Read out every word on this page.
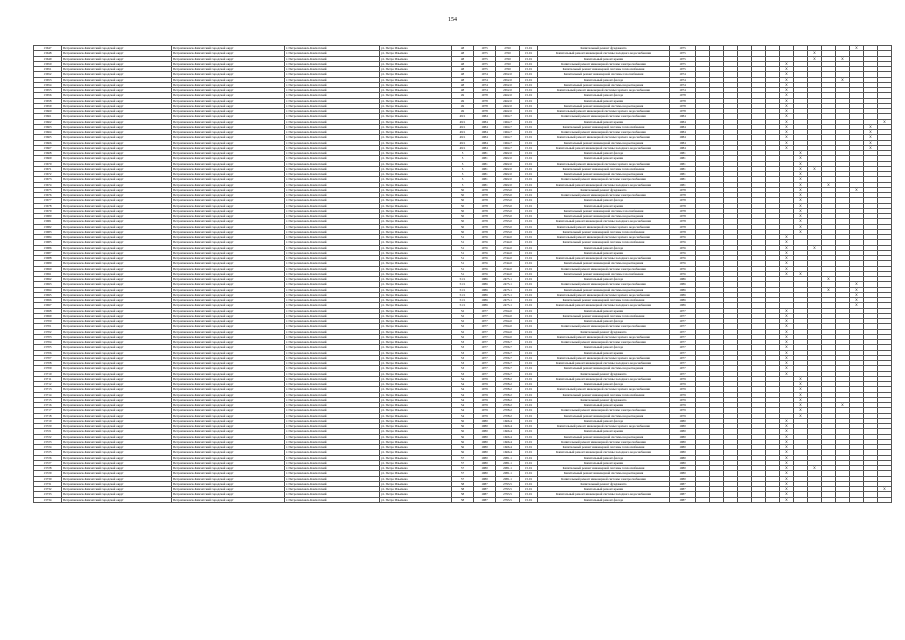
154
13647	Петропавловск-Камчатский городской округ	Петропавловск-Камчатский городской округ	г. Петропавловск-Камчатский	ул. Петра Ильичева	48	1975	2760	15.01	Капитальный ремонт фундамента	1975												X		
13648	Петропавловск-Камчатский городской округ	Петропавловск-Камчатский городской округ	г. Петропавловск-Камчатский	ул. Петра Ильичева	48	1975	2760	15.01	Капитальный ремонт инженерной системы холодного водоснабжения	1975									X					
13649	Петропавловск-Камчатский городской округ	Петропавловск-Камчатский городской округ	г. Петропавловск-Камчатский	ул. Петра Ильичева	48	1975	2760	15.01	Капитальный ремонт крыши	1975									X		X			
13650	Петропавловск-Камчатский городской округ	Петропавловск-Камчатский городской округ	г. Петропавловск-Камчатский	ул. Петра Ильичева	48	1975	2760	15.01	Капитальный ремонт инженерной системы электроснабжения	1975							X							
13651	Петропавловск-Камчатский городской округ	Петропавловск-Камчатский городской округ	г. Петропавловск-Камчатский	ул. Петра Ильичева	48	1975	2760	15.01	Капитальный ремонт инженерной системы теплоснабжения	1975							X							
13652	Петропавловск-Камчатский городской округ	Петропавловск-Камчатский городской округ	г. Петропавловск-Камчатский	ул. Петра Ильичева	48	1974	2652.0	15.01	Капитальный ремонт инженерной системы газоснабжения	1974							X							
13653	Петропавловск-Камчатский городской округ	Петропавловск-Камчатский городской округ	г. Петропавловск-Камчатский	ул. Петра Ильичева	48	1974	2652.0	15.01	Капитальный ремонт фасада	1974							X				X			
13654	Петропавловск-Камчатский городской округ	Петропавловск-Камчатский городской округ	г. Петропавловск-Камчатский	ул. Петра Ильичева	48	1974	2652.0	15.01	Капитальный ремонт инженерной системы водоотведения	1974							X							
13655	Петропавловск-Камчатский городской округ	Петропавловск-Камчатский городской округ	г. Петропавловск-Камчатский	ул. Петра Ильичева	48	1974	2652.0	15.01	Капитальный ремонт инженерной системы горячего водоснабжения	1974							X							
13656	Петропавловск-Камчатский городской округ	Петропавловск-Камчатский городской округ	г. Петропавловск-Камчатский	ул. Петра Ильичева	49	1978	2462.0	15.01	Капитальный ремонт фасада	1978							X							
13658	Петропавловск-Камчатский городской округ	Петропавловск-Камчатский городской округ	г. Петропавловск-Камчатский	ул. Петра Ильичева	49	1978	2462.0	15.01	Капитальный ремонт крыши	1978							X							
13659	Петропавловск-Камчатский городской округ	Петропавловск-Камчатский городской округ	г. Петропавловск-Камчатский	ул. Петра Ильичева	49	1978	2462.0	15.01	Капитальный ремонт инженерной системы водоотведения	1978							X							
13660	Петропавловск-Камчатский городской округ	Петропавловск-Камчатский городской округ	г. Петропавловск-Камчатский	ул. Петра Ильичева	49	1978	2462.0	15.01	Капитальный ремонт инженерной системы горячего водоснабжения	1978							X							
13661	Петропавловск-Камчатский городской округ	Петропавловск-Камчатский городской округ	г. Петропавловск-Камчатский	ул. Петра Ильичева	49/1	1984	1964.7	15.01	Капитальный ремонт инженерной системы электроснабжения	1984							X							
13662	Петропавловск-Камчатский городской округ	Петропавловск-Камчатский городской округ	г. Петропавловск-Камчатский	ул. Петра Ильичева	49/1	1984	1964.7	15.01	Капитальный ремонт крыши	1984							X							X
13663	Петропавловск-Камчатский городской округ	Петропавловск-Камчатский городской округ	г. Петропавловск-Камчатский	ул. Петра Ильичева	49/1	1984	1964.7	15.01	Капитальный ремонт инженерной системы теплоснабжения	1984							X						X	
13664	Петропавловск-Камчатский городской округ	Петропавловск-Камчатский городской округ	г. Петропавловск-Камчатский	ул. Петра Ильичева	49/1	1984	1964.7	15.01	Капитальный ремонт инженерной системы электроснабжения	1984							X						X	
13665	Петропавловск-Камчатский городской округ	Петропавловск-Камчатский городской округ	г. Петропавловск-Камчатский	ул. Петра Ильичева	49/1	1984	1964.7	15.01	Капитальный ремонт инженерной системы горячего водоснабжения	1984							X						X	
13666	Петропавловск-Камчатский городской округ	Петропавловск-Камчатский городской округ	г. Петропавловск-Камчатский	ул. Петра Ильичева	49/1	1984	1964.7	15.01	Капитальный ремонт инженерной системы водоотведения	1984							X						X	
13667	Петропавловск-Камчатский городской округ	Петропавловск-Камчатский городской округ	г. Петропавловск-Камчатский	ул. Петра Ильичева	49/1	1984	1964.7	15.01	Капитальный ремонт инженерной системы холодного водоснабжения	1984							X						X	
13668	Петропавловск-Камчатский городской округ	Петропавловск-Камчатский городской округ	г. Петропавловск-Камчатский	ул. Петра Ильичева	5	1981	2602.0	15.01	Капитальный ремонт фасада	1981								X						
13669	Петропавловск-Камчатский городской округ	Петропавловск-Камчатский городской округ	г. Петропавловск-Камчатский	ул. Петра Ильичева	5	1981	2602.0	15.01	Капитальный ремонт крыши	1981								X						
13670	Петропавловск-Камчатский городской округ	Петропавловск-Камчатский городской округ	г. Петропавловск-Камчатский	ул. Петра Ильичева	5	1981	2602.0	15.01	Капитальный ремонт инженерной системы горячего водоснабжения	1981								X						
13671	Петропавловск-Камчатский городской округ	Петропавловск-Камчатский городской округ	г. Петропавловск-Камчатский	ул. Петра Ильичева	5	1981	2602.0	15.01	Капитальный ремонт инженерной системы теплоснабжения	1981								X	X					
13672	Петропавловск-Камчатский городской округ	Петропавловск-Камчатский городской округ	г. Петропавловск-Камчатский	ул. Петра Ильичева	5	1981	2602.0	15.01	Капитальный ремонт инженерной системы водоотведения	1981								X						
13673	Петропавловск-Камчатский городской округ	Петропавловск-Камчатский городской округ	г. Петропавловск-Камчатский	ул. Петра Ильичева	5	1981	2602.0	15.01	Капитальный ремонт инженерной системы электроснабжения	1981								X						
13674	Петропавловск-Камчатский городской округ	Петропавловск-Камчатский городской округ	г. Петропавловск-Камчатский	ул. Петра Ильичева	5	1981	2602.0	15.01	Капитальный ремонт инженерной системы холодного водоснабжения	1981								X		X				
13675	Петропавловск-Камчатский городской округ	Петропавловск-Камчатский городской округ	г. Петропавловск-Камчатский	ул. Петра Ильичева	50	1978	2793.0	15.01	Капитальный ремонт фундамента	1978								X				X		
13676	Петропавловск-Камчатский городской округ	Петропавловск-Камчатский городской округ	г. Петропавловск-Камчатский	ул. Петра Ильичева	50	1978	2793.0	15.01	Капитальный ремонт инженерной системы электроснабжения	1978								X						
13677	Петропавловск-Камчатский городской округ	Петропавловск-Камчатский городской округ	г. Петропавловск-Камчатский	ул. Петра Ильичева	50	1978	2793.0	15.01	Капитальный ремонт фасада	1978								X						
13678	Петропавловск-Камчатский городской округ	Петропавловск-Камчатский городской округ	г. Петропавловск-Камчатский	ул. Петра Ильичева	50	1978	2793.0	15.01	Капитальный ремонт крыши	1978								X						
13679	Петропавловск-Камчатский городской округ	Петропавловск-Камчатский городской округ	г. Петропавловск-Камчатский	ул. Петра Ильичева	50	1978	2793.0	15.01	Капитальный ремонт инженерной системы газоснабжения	1978								X						
13680	Петропавловск-Камчатский городской округ	Петропавловск-Камчатский городской округ	г. Петропавловск-Камчатский	ул. Петра Ильичева	50	1978	2793.0	15.01	Капитальный ремонт инженерной системы водоотведения	1978								X						
13681	Петропавловск-Камчатский городской округ	Петропавловск-Камчатский городской округ	г. Петропавловск-Камчатский	ул. Петра Ильичева	50	1978	2793.0	15.01	Капитальный ремонт инженерной системы холодного водоснабжения	1978								X						
13682	Петропавловск-Камчатский городской округ	Петропавловск-Камчатский городской округ	г. Петропавловск-Камчатский	ул. Петра Ильичева	50	1978	2793.0	15.01	Капитальный ремонт инженерной системы горячего водоснабжения	1978								X						
13683	Петропавловск-Камчатский городской округ	Петропавловск-Камчатский городской округ	г. Петропавловск-Камчатский	ул. Петра Ильичева	50	1978	2793.0	15.01	Капитальный ремонт инженерной системы теплоснабжения	1978								X						
13684	Петропавловск-Камчатский городской округ	Петропавловск-Камчатский городской округ	г. Петропавловск-Камчатский	ул. Петра Ильичева	51	1976	2744.0	15.01	Капитальный ремонт инженерной системы горячего водоснабжения	1976							X							
13685	Петропавловск-Камчатский городской округ	Петропавловск-Камчатский городской округ	г. Петропавловск-Камчатский	ул. Петра Ильичева	51	1976	2744.0	15.01	Капитальный ремонт инженерной системы теплоснабжения	1976							X							
13686	Петропавловск-Камчатский городской округ	Петропавловск-Камчатский городской округ	г. Петропавловск-Камчатский	ул. Петра Ильичева	51	1976	2744.0	15.01	Капитальный ремонт фасада	1976							X		X					
13687	Петропавловск-Камчатский городской округ	Петропавловск-Камчатский городской округ	г. Петропавловск-Камчатский	ул. Петра Ильичева	51	1976	2744.0	15.01	Капитальный ремонт крыши	1976							X							
13688	Петропавловск-Камчатский городской округ	Петропавловск-Камчатский городской округ	г. Петропавловск-Камчатский	ул. Петра Ильичева	51	1976	2744.0	15.01	Капитальный ремонт инженерной системы холодного водоснабжения	1976							X							
13689	Петропавловск-Камчатский городской округ	Петропавловск-Камчатский городской округ	г. Петропавловск-Камчатский	ул. Петра Ильичева	51	1976	2744.0	15.01	Капитальный ремонт инженерной системы водоотведения	1976							X							
13690	Петропавловск-Камчатский городской округ	Петропавловск-Камчатский городской округ	г. Петропавловск-Камчатский	ул. Петра Ильичева	51	1976	2744.0	15.01	Капитальный ремонт инженерной системы электроснабжения	1976							X							
13691	Петропавловск-Камчатский городской округ	Петропавловск-Камчатский городской округ	г. Петропавловск-Камчатский	ул. Петра Ильичева	51	1976	2744.0	15.01	Капитальный ремонт инженерной системы газоснабжения	1976							X	X						
13692	Петропавловск-Камчатский городской округ	Петропавловск-Камчатский городской округ	г. Петропавловск-Камчатский	ул. Петра Ильичева	51/1	1986	2475.1	15.01	Капитальный ремонт фасада	1986										X				
13693	Петропавловск-Камчатский городской округ	Петропавловск-Камчатский городской округ	г. Петропавловск-Камчатский	ул. Петра Ильичева	51/1	1986	2475.1	15.01	Капитальный ремонт инженерной системы электроснабжения	1986												X		
13694	Петропавловск-Камчатский городской округ	Петропавловск-Камчатский городской округ	г. Петропавловск-Камчатский	ул. Петра Ильичева	51/1	1986	2475.1	15.01	Капитальный ремонт инженерной системы водоотведения	1986										X		X		
13695	Петропавловск-Камчатский городской округ	Петропавловск-Камчатский городской округ	г. Петропавловск-Камчатский	ул. Петра Ильичева	51/1	1986	2475.1	15.01	Капитальный ремонт инженерной системы горячего водоснабжения	1986												X		
13696	Петропавловск-Камчатский городской округ	Петропавловск-Камчатский городской округ	г. Петропавловск-Камчатский	ул. Петра Ильичева	51/1	1986	2475.1	15.01	Капитальный ремонт инженерной системы теплоснабжения	1986												X		
13697	Петропавловск-Камчатский городской округ	Петропавловск-Камчатский городской округ	г. Петропавловск-Камчатский	ул. Петра Ильичева	51/1	1986	2475.1	15.01	Капитальный ремонт инженерной системы холодного водоснабжения	1986												X		
13698	Петропавловск-Камчатский городской округ	Петропавловск-Камчатский городской округ	г. Петропавловск-Камчатский	ул. Петра Ильичева	52	1977	2764.0	15.01	Капитальный ремонт крыши	1977							X							
13699	Петропавловск-Камчатский городской округ	Петропавловск-Камчатский городской округ	г. Петропавловск-Камчатский	ул. Петра Ильичева	52	1977	2764.0	15.01	Капитальный ремонт инженерной системы теплоснабжения	1977							X							
13700	Петропавловск-Камчатский городской округ	Петропавловск-Камчатский городской округ	г. Петропавловск-Камчатский	ул. Петра Ильичева	52	1977	2764.0	15.01	Капитальный ремонт фасада	1977							X							
13701	Петропавловск-Камчатский городской округ	Петропавловск-Камчатский городской округ	г. Петропавловск-Камчатский	ул. Петра Ильичева	52	1977	2764.0	15.01	Капитальный ремонт инженерной системы электроснабжения	1977							X							
13702	Петропавловск-Камчатский городской округ	Петропавловск-Камчатский городской округ	г. Петропавловск-Камчатский	ул. Петра Ильичева	52	1977	2764.0	15.01	Капитальный ремонт фундамента	1977							X							
13703	Петропавловск-Камчатский городской округ	Петропавловск-Камчатский городской округ	г. Петропавловск-Камчатский	ул. Петра Ильичева	52	1977	2764.0	15.01	Капитальный ремонт инженерной системы горячего водоснабжения	1977							X							
13704	Петропавловск-Камчатский городской округ	Петропавловск-Камчатский городской округ	г. Петропавловск-Камчатский	ул. Петра Ильичева	53	1977	2706.7	15.01	Капитальный ремонт инженерной системы электроснабжения	1977							X							
13705	Петропавловск-Камчатский городской округ	Петропавловск-Камчатский городской округ	г. Петропавловск-Камчатский	ул. Петра Ильичева	53	1977	2706.7	15.01	Капитальный ремонт фасада	1977							X							
13706	Петропавловск-Камчатский городской округ	Петропавловск-Камчатский городской округ	г. Петропавловск-Камчатский	ул. Петра Ильичева	53	1977	2706.7	15.01	Капитальный ремонт крыши	1977							X							
13707	Петропавловск-Камчатский городской округ	Петропавловск-Камчатский городской округ	г. Петропавловск-Камчатский	ул. Петра Ильичева	53	1977	2706.7	15.01	Капитальный ремонт инженерной системы горячего водоснабжения	1977							X							
13708	Петропавловск-Камчатский городской округ	Петропавловск-Камчатский городской округ	г. Петропавловск-Камчатский	ул. Петра Ильичева	53	1977	2706.7	15.01	Капитальный ремонт инженерной системы холодного водоснабжения	1977							X							
13709	Петропавловск-Камчатский городской округ	Петропавловск-Камчатский городской округ	г. Петропавловск-Камчатский	ул. Петра Ильичева	53	1977	2706.7	15.01	Капитальный ремонт инженерной системы водоотведения	1977							X							
13710	Петропавловск-Камчатский городской округ	Петропавловск-Камчатский городской округ	г. Петропавловск-Камчатский	ул. Петра Ильичева	53	1977	2706.7	15.01	Капитальный ремонт фундамента	1977							X							
13711	Петропавловск-Камчатский городской округ	Петропавловск-Камчатский городской округ	г. Петропавловск-Камчатский	ул. Петра Ильичева	54	1979	2708.2	15.01	Капитальный ремонт инженерной системы холодного водоснабжения	1979								X						
13712	Петропавловск-Камчатский городской округ	Петропавловск-Камчатский городской округ	г. Петропавловск-Камчатский	ул. Петра Ильичева	54	1979	2708.2	15.01	Капитальный ремонт фасада	1979								X						
13713	Петропавловск-Камчатский городской округ	Петропавловск-Камчатский городской округ	г. Петропавловск-Камчатский	ул. Петра Ильичева	54	1979	2708.2	15.01	Капитальный ремонт инженерной системы горячего водоснабжения	1979								X						
13714	Петропавловск-Камчатский городской округ	Петропавловск-Камчатский городской округ	г. Петропавловск-Камчатский	ул. Петра Ильичева	54	1979	2708.2	15.01	Капитальный ремонт инженерной системы теплоснабжения	1979								X						
13715	Петропавловск-Камчатский городской округ	Петропавловск-Камчатский городской округ	г. Петропавловск-Камчатский	ул. Петра Ильичева	54	1979	2708.2	15.01	Капитальный ремонт фундамента	1979								X						
13716	Петропавловск-Камчатский городской округ	Петропавловск-Камчатский городской округ	г. Петропавловск-Камчатский	ул. Петра Ильичева	54	1979	2708.2	15.01	Капитальный ремонт крыши	1979								X			X			
13717	Петропавловск-Камчатский городской округ	Петропавловск-Камчатский городской округ	г. Петропавловск-Камчатский	ул. Петра Ильичева	54	1979	2708.2	15.01	Капитальный ремонт инженерной системы электроснабжения	1979								X						
13718	Петропавловск-Камчатский городской округ	Петропавловск-Камчатский городской округ	г. Петропавловск-Камчатский	ул. Петра Ильичева	54	1979	2708.2	15.01	Капитальный ремонт инженерной системы водоотведения	1979								X						
13719	Петропавловск-Камчатский городской округ	Петропавловск-Камчатский городской округ	г. Петропавловск-Камчатский	ул. Петра Ильичева	56	1980	1666.4	15.01	Капитальный ремонт фасада	1980							X							
13720	Петропавловск-Камчатский городской округ	Петропавловск-Камчатский городской округ	г. Петропавловск-Камчатский	ул. Петра Ильичева	56	1980	1666.4	15.01	Капитальный ремонт инженерной системы горячего водоснабжения	1980							X							
13721	Петропавловск-Камчатский городской округ	Петропавловск-Камчатский городской округ	г. Петропавловск-Камчатский	ул. Петра Ильичева	56	1980	1666.4	15.01	Капитальный ремонт крыши	1980							X							
13722	Петропавловск-Камчатский городской округ	Петропавловск-Камчатский городской округ	г. Петропавловск-Камчатский	ул. Петра Ильичева	56	1980	1666.4	15.01	Капитальный ремонт инженерной системы водоотведения	1980							X							
13723	Петропавловск-Камчатский городской округ	Петропавловск-Камчатский городской округ	г. Петропавловск-Камчатский	ул. Петра Ильичева	56	1980	1666.4	15.01	Капитальный ремонт инженерной системы электроснабжения	1980							X							
13724	Петропавловск-Камчатский городской округ	Петропавловск-Камчатский городской округ	г. Петропавловск-Камчатский	ул. Петра Ильичева	56	1980	1666.4	15.01	Капитальный ремонт инженерной системы теплоснабжения	1980							X							
13725	Петропавловск-Камчатский городской округ	Петропавловск-Камчатский городской округ	г. Петропавловск-Камчатский	ул. Петра Ильичева	56	1980	1666.4	15.01	Капитальный ремонт инженерной системы холодного водоснабжения	1980							X							
13726	Петропавловск-Камчатский городской округ	Петропавловск-Камчатский городской округ	г. Петропавловск-Камчатский	ул. Петра Ильичева	57	1980	2081.1	15.01	Капитальный ремонт фасада	1980							X							
13727	Петропавловск-Камчатский городской округ	Петропавловск-Камчатский городской округ	г. Петропавловск-Камчатский	ул. Петра Ильичева	57	1980	2081.1	15.01	Капитальный ремонт крыши	1980							X							
13728	Петропавловск-Камчатский городской округ	Петропавловск-Камчатский городской округ	г. Петропавловск-Камчатский	ул. Петра Ильичева	57	1980	2081.1	15.01	Капитальный ремонт инженерной системы теплоснабжения	1980							X		X					
13729	Петропавловск-Камчатский городской округ	Петропавловск-Камчатский городской округ	г. Петропавловск-Камчатский	ул. Петра Ильичева	57	1980	2081.1	15.01	Капитальный ремонт инженерной системы водоотведения	1980							X							
13730	Петропавловск-Камчатский городской округ	Петропавловск-Камчатский городской округ	г. Петропавловск-Камчатский	ул. Петра Ильичева	57	1980	2081.1	15.01	Капитальный ремонт инженерной системы электроснабжения	1980							X							
13731	Петропавловск-Камчатский городской округ	Петропавловск-Камчатский городской округ	г. Петропавловск-Камчатский	ул. Петра Ильичева	58	1987	2793.5	15.01	Капитальный ремонт фундамента	1987							X							
13732	Петропавловск-Камчатский городской округ	Петропавловск-Камчатский городской округ	г. Петропавловск-Камчатский	ул. Петра Ильичева	58	1987	2793.5	15.01	Капитальный ремонт крыши	1987							X							X
13733	Петропавловск-Камчатский городской округ	Петропавловск-Камчатский городской округ	г. Петропавловск-Камчатский	ул. Петра Ильичева	58	1987	2793.5	15.01	Капитальный ремонт инженерной системы холодного водоснабжения	1987							X							
13734	Петропавловск-Камчатский городской округ	Петропавловск-Камчатский городской округ	г. Петропавловск-Камчатский	ул. Петра Ильичева	58	1987	2793.5	15.01	Капитальный ремонт фасада	1987							X							
